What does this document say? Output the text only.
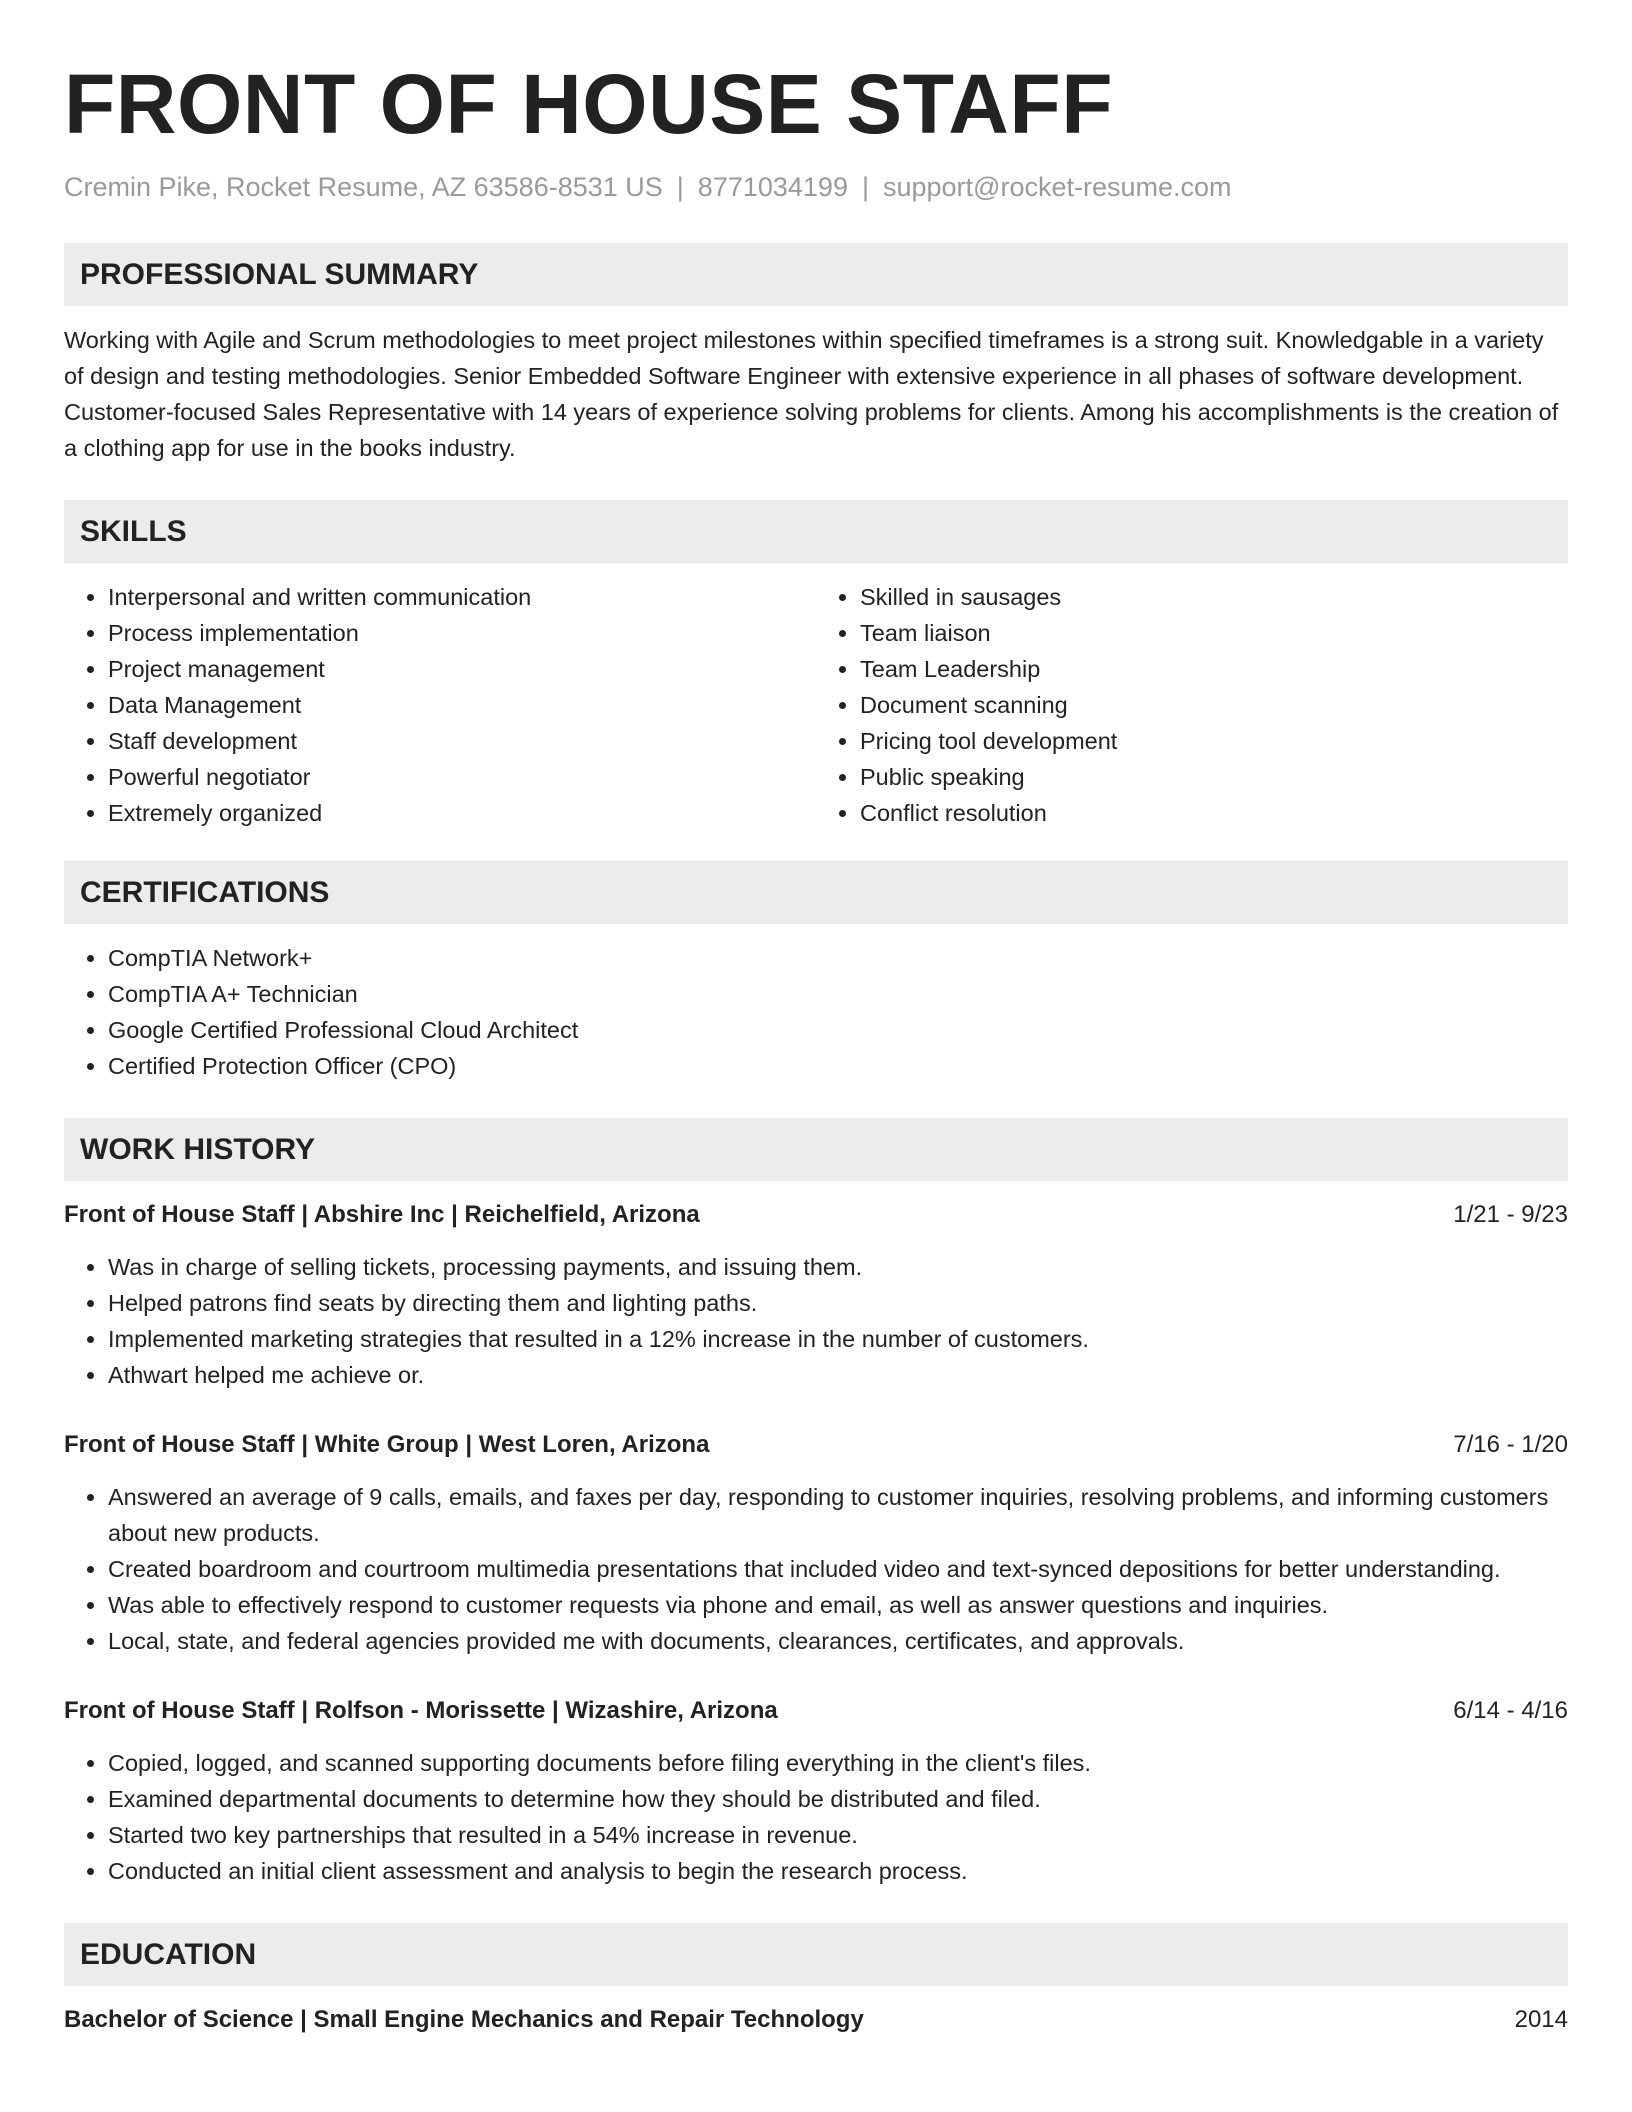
FRONT OF HOUSE STAFF
Cremin Pike, Rocket Resume, AZ 63586-8531 US | 8771034199 | support@rocket-resume.com
PROFESSIONAL SUMMARY

Working with Agile and Scrum methodologies to meet project milestones within specified timeframes is a strong suit. Knowledgable in a variety of design and testing methodologies. Senior Embedded Software Engineer with extensive experience in all phases of software development. Customer-focused Sales Representative with 14 years of experience solving problems for clients. Among his accomplishments is the creation of a clothing app for use in the books industry.

SKILLS
• Interpersonal and written communication
• Process implementation
• Project management
• Data Management
• Staff development
• Powerful negotiator
• Extremely organized
• Skilled in sausages
• Team liaison
• Team Leadership
• Document scanning
• Pricing tool development
• Public speaking
• Conflict resolution
CERTIFICATIONS
• CompTIA Network+
• CompTIA A+ Technician
• Google Certified Professional Cloud Architect
• Certified Protection Officer (CPO)
WORK HISTORY
Front of House Staff | Abshire Inc | Reichelfield, Arizona	1/21 - 9/23
• Was in charge of selling tickets, processing payments, and issuing them.
• Helped patrons find seats by directing them and lighting paths.
• Implemented marketing strategies that resulted in a 12% increase in the number of customers.
• Athwart helped me achieve or.
Front of House Staff | White Group | West Loren, Arizona	7/16 - 1/20
• Answered an average of 9 calls, emails, and faxes per day, responding to customer inquiries, resolving problems, and informing customers about new products.
• Created boardroom and courtroom multimedia presentations that included video and text-synced depositions for better understanding.
• Was able to effectively respond to customer requests via phone and email, as well as answer questions and inquiries.
• Local, state, and federal agencies provided me with documents, clearances, certificates, and approvals.
Front of House Staff | Rolfson - Morissette | Wizashire, Arizona	6/14 - 4/16
• Copied, logged, and scanned supporting documents before filing everything in the client's files.
• Examined departmental documents to determine how they should be distributed and filed.
• Started two key partnerships that resulted in a 54% increase in revenue.
• Conducted an initial client assessment and analysis to begin the research process.
EDUCATION
Bachelor of Science | Small Engine Mechanics and Repair Technology	2014
